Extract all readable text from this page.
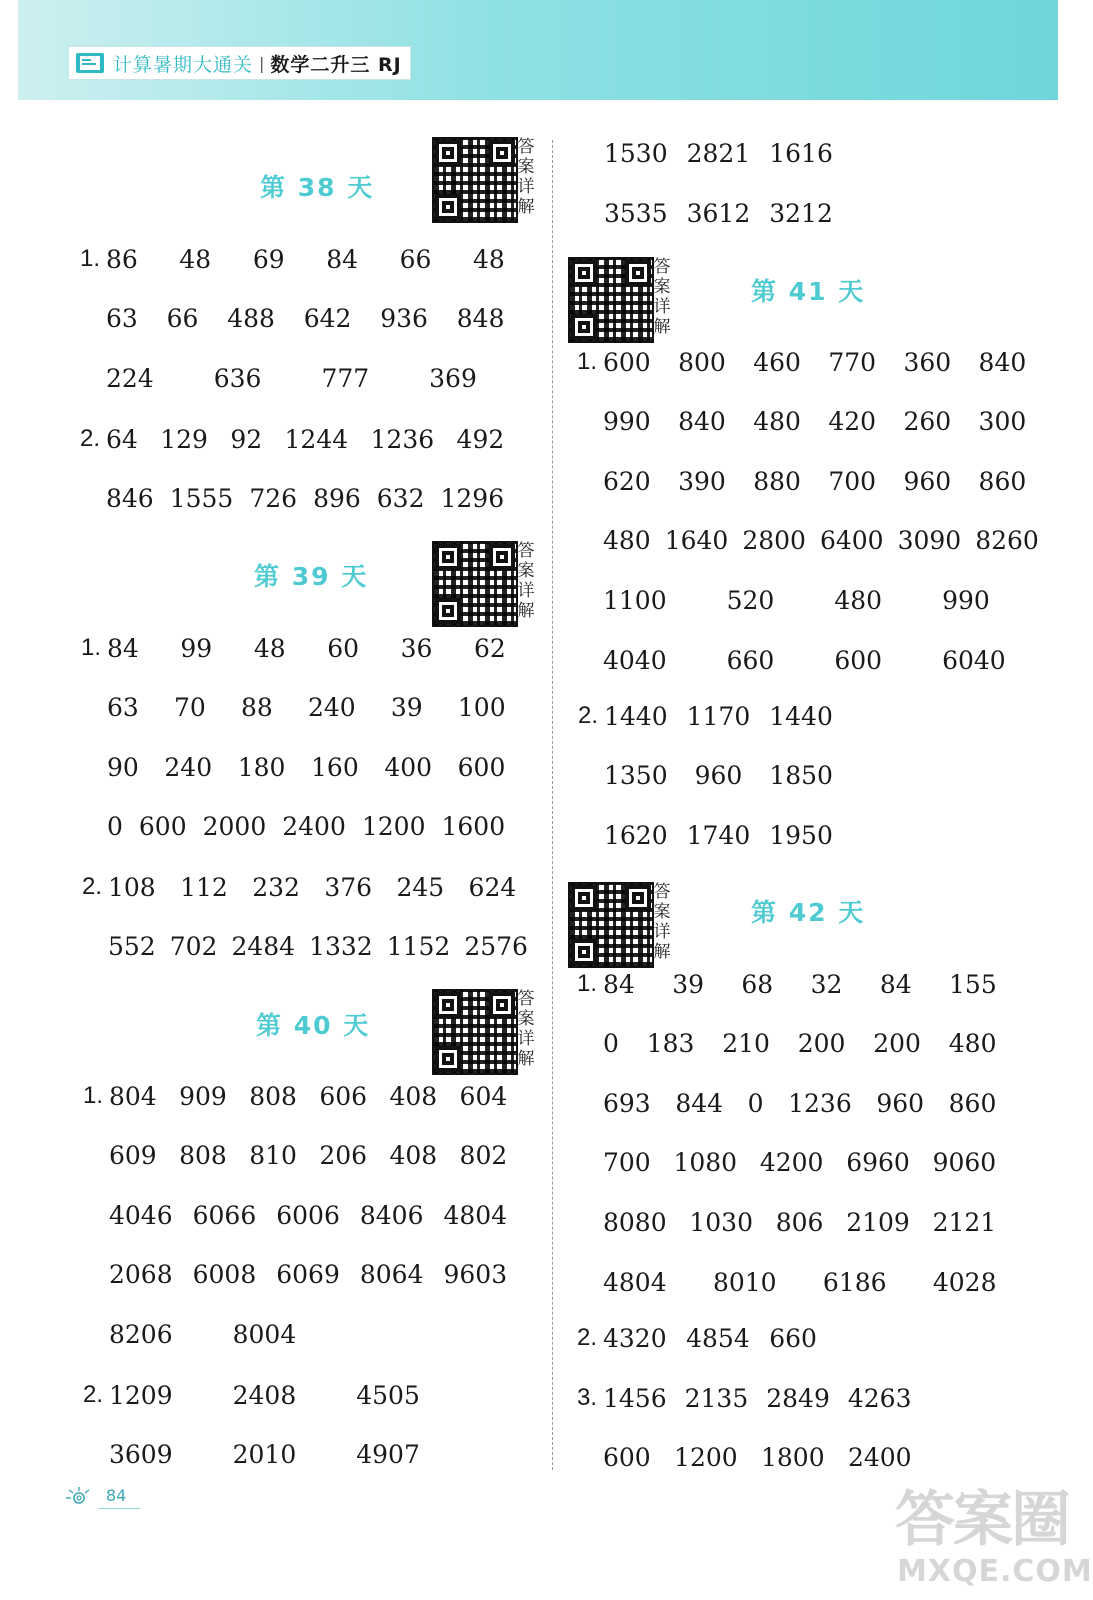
计算暑期大通关 | 数学二升三 RJ
第 38 天
答案详解
第 39 天
答案详解
第 40 天
答案详解
答案详解
第 41 天
答案详解
第 42 天
1. 86 48 69 84 66 48
63 66 488 642 936 848
224 636 777 369
2. 64 129 92 1244 1236 492
846 1555 726 896 632 1296
1. 84 99 48 60 36 62
63 70 88 240 39 100
90 240 180 160 400 600
0 600 2000 2400 1200 1600
2. 108 112 232 376 245 624
552 702 2484 1332 1152 2576
1. 804 909 808 606 408 604
609 808 810 206 408 802
4046 6066 6006 8406 4804
2068 6008 6069 8064 9603
8206 8004
2. 1209 2408 4505
3609 2010 4907
1530 2821 1616
3535 3612 3212
1. 600 800 460 770 360 840
990 840 480 420 260 300
620 390 880 700 960 860
480 1640 2800 6400 3090 8260
1100 520 480 990
4040 660 600 6040
2. 1440 1170 1440
1350 960 1850
1620 1740 1950
1. 84 39 68 32 84 155
0 183 210 200 200 480
693 844 0 1236 960 860
700 1080 4200 6960 9060
8080 1030 806 2109 2121
4804 8010 6186 4028
2. 4320 4854 660
3. 1456 2135 2849 4263
600 1200 1800 2400
84	答案圈
MXQE.COM
